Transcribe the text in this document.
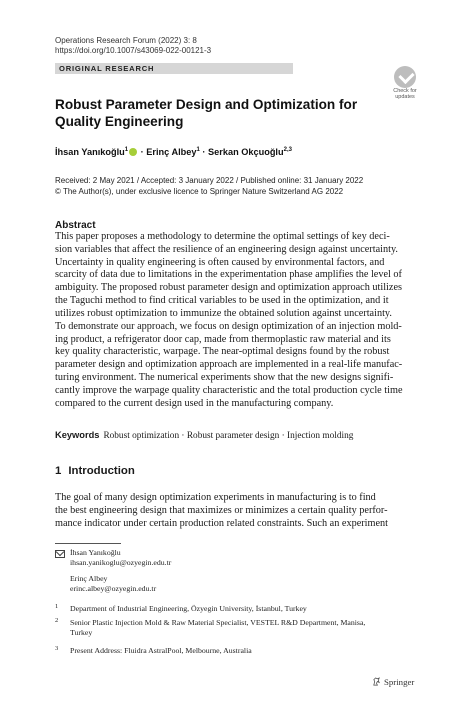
Operations Research Forum (2022) 3: 8
https://doi.org/10.1007/s43069-022-00121-3
ORIGINAL RESEARCH
Check for
updates
Robust Parameter Design and Optimization for Quality Engineering
İhsan Yanıkoğlu$^1$ · Erinç Albey$^1$ · Serkan Okçuoğlu$^{2,3}$
Received: 2 May 2021 / Accepted: 3 January 2022 / Published online: 31 January 2022
© The Author(s), under exclusive licence to Springer Nature Switzerland AG 2022
Abstract
This paper proposes a methodology to determine the optimal settings of key deci-
sion variables that affect the resilience of an engineering design against uncertainty.
Uncertainty in quality engineering is often caused by environmental factors, and
scarcity of data due to limitations in the experimentation phase amplifies the level of
ambiguity. The proposed robust parameter design and optimization approach utilizes
the Taguchi method to find critical variables to be used in the optimization, and it
utilizes robust optimization to immunize the obtained solution against uncertainty.
To demonstrate our approach, we focus on design optimization of an injection mold-
ing product, a refrigerator door cap, made from thermoplastic raw material and its
key quality characteristic, warpage. The near-optimal designs found by the robust
parameter design and optimization approach are implemented in a real-life manufac-
turing environment. The numerical experiments show that the new designs signifi-
cantly improve the warpage quality characteristic and the total production cycle time
compared to the current design used in the manufacturing company.
Keywords Robust optimization · Robust parameter design · Injection molding
1 Introduction
The goal of many design optimization experiments in manufacturing is to find
the best engineering design that maximizes or minimizes a certain quality perfor-
mance indicator under certain production related constraints. Such an experiment
İhsan Yanıkoğlu
ihsan.yanikoglu@ozyegin.edu.tr
Erinç Albey
erinc.albey@ozyegin.edu.tr
1 Department of Industrial Engineering, Özyegin University, İstanbul, Turkey
2 Senior Plastic Injection Mold & Raw Material Specialist, VESTEL R&D Department, Manisa,
Turkey
3 Present Address: Fluidra AstralPool, Melbourne, Australia
Springer
